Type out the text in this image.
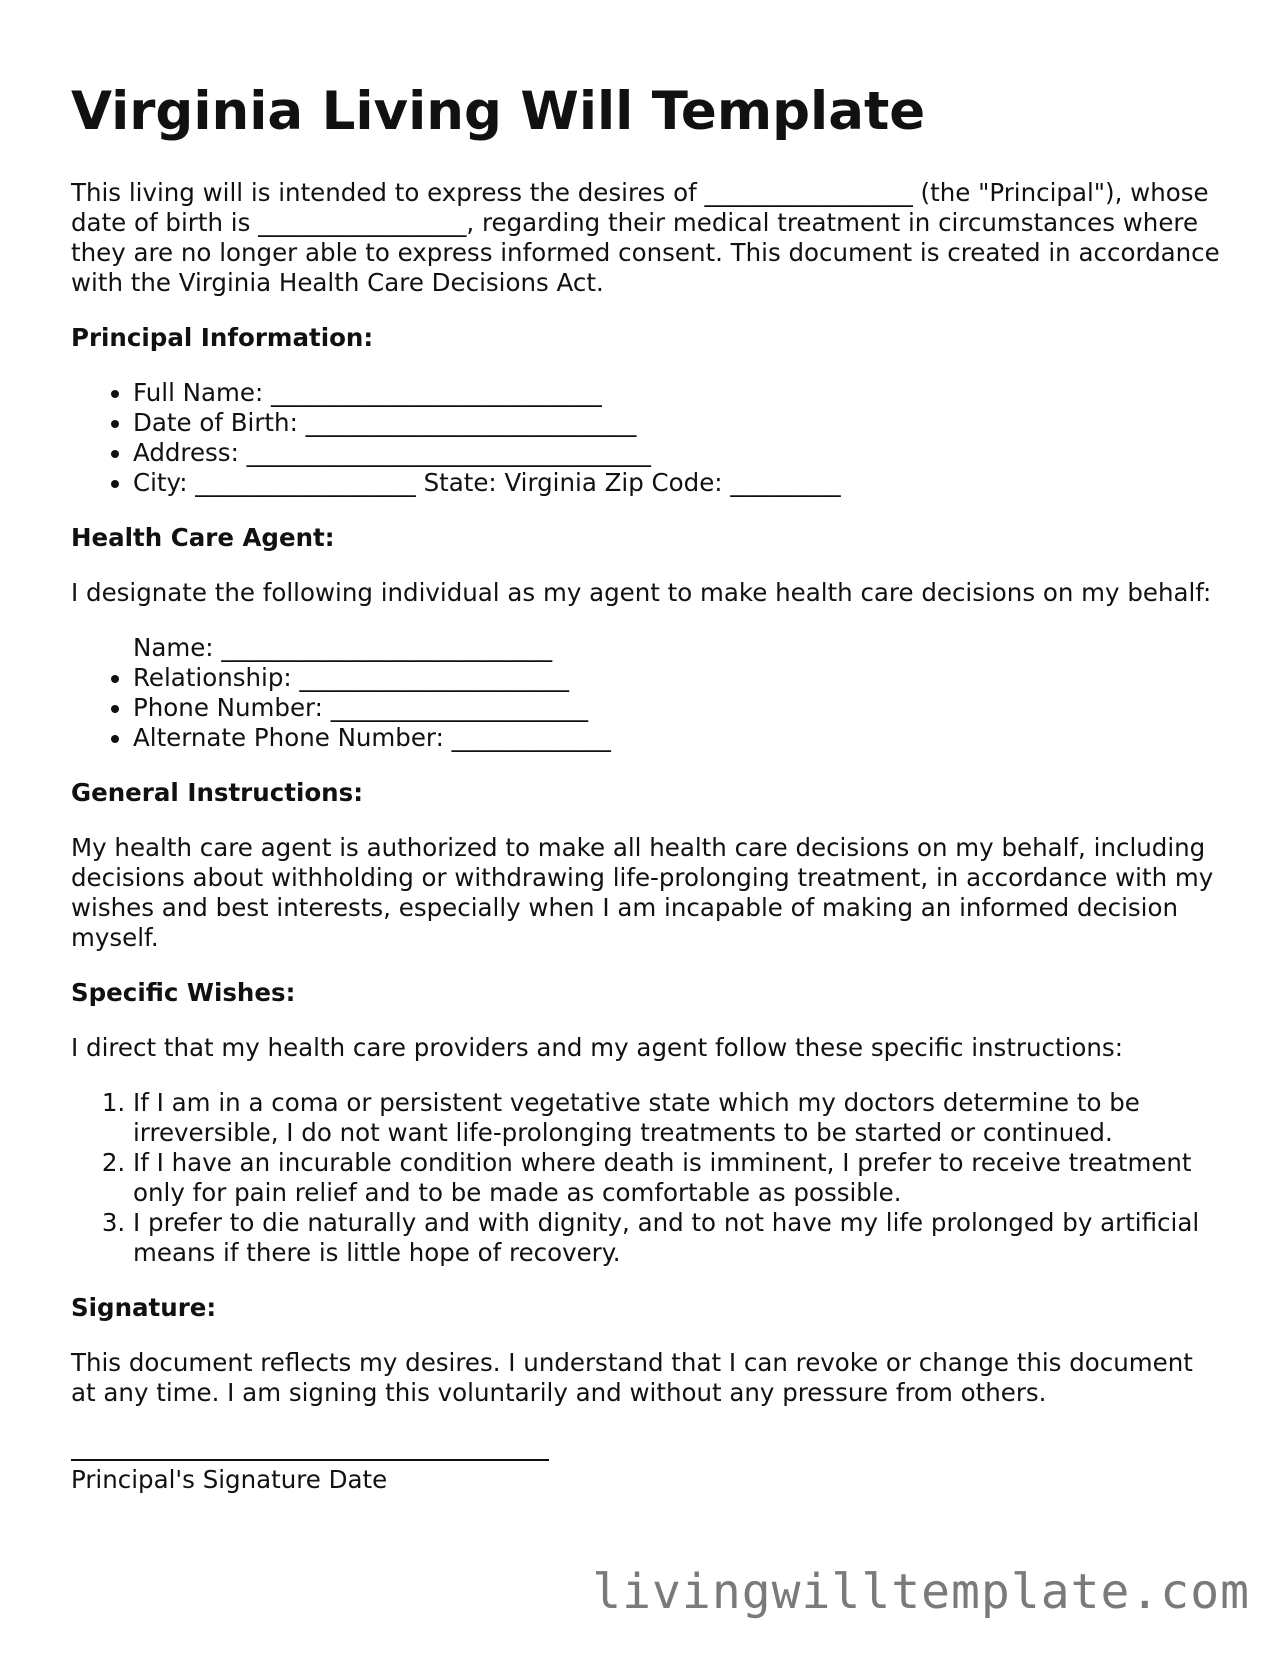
Virginia Living Will Template

This living will is intended to express the desires of _________________ (the "Principal"), whose date of birth is _________________, regarding their medical treatment in circumstances where they are no longer able to express informed consent. This document is created in accordance with the Virginia Health Care Decisions Act.

Principal Information:
• Full Name: ___________________________
• Date of Birth: ___________________________
• Address: _________________________________
• City: __________________ State: Virginia Zip Code: _________
Health Care Agent:

I designate the following individual as my agent to make health care decisions on my behalf:

Name: ___________________________
• Relationship: ______________________
• Phone Number: _____________________
• Alternate Phone Number: _____________
General Instructions:

My health care agent is authorized to make all health care decisions on my behalf, including decisions about withholding or withdrawing life-prolonging treatment, in accordance with my wishes and best interests, especially when I am incapable of making an informed decision myself.

Specific Wishes:

I direct that my health care providers and my agent follow these specific instructions:

1. If I am in a coma or persistent vegetative state which my doctors determine to be irreversible, I do not want life-prolonging treatments to be started or continued.
2. If I have an incurable condition where death is imminent, I prefer to receive treatment only for pain relief and to be made as comfortable as possible.
3. I prefer to die naturally and with dignity, and to not have my life prolonged by artificial means if there is little hope of recovery.
Signature:

This document reflects my desires. I understand that I can revoke or change this document at any time. I am signing this voluntarily and without any pressure from others.

Principal's Signature Date
livingwilltemplate.com
